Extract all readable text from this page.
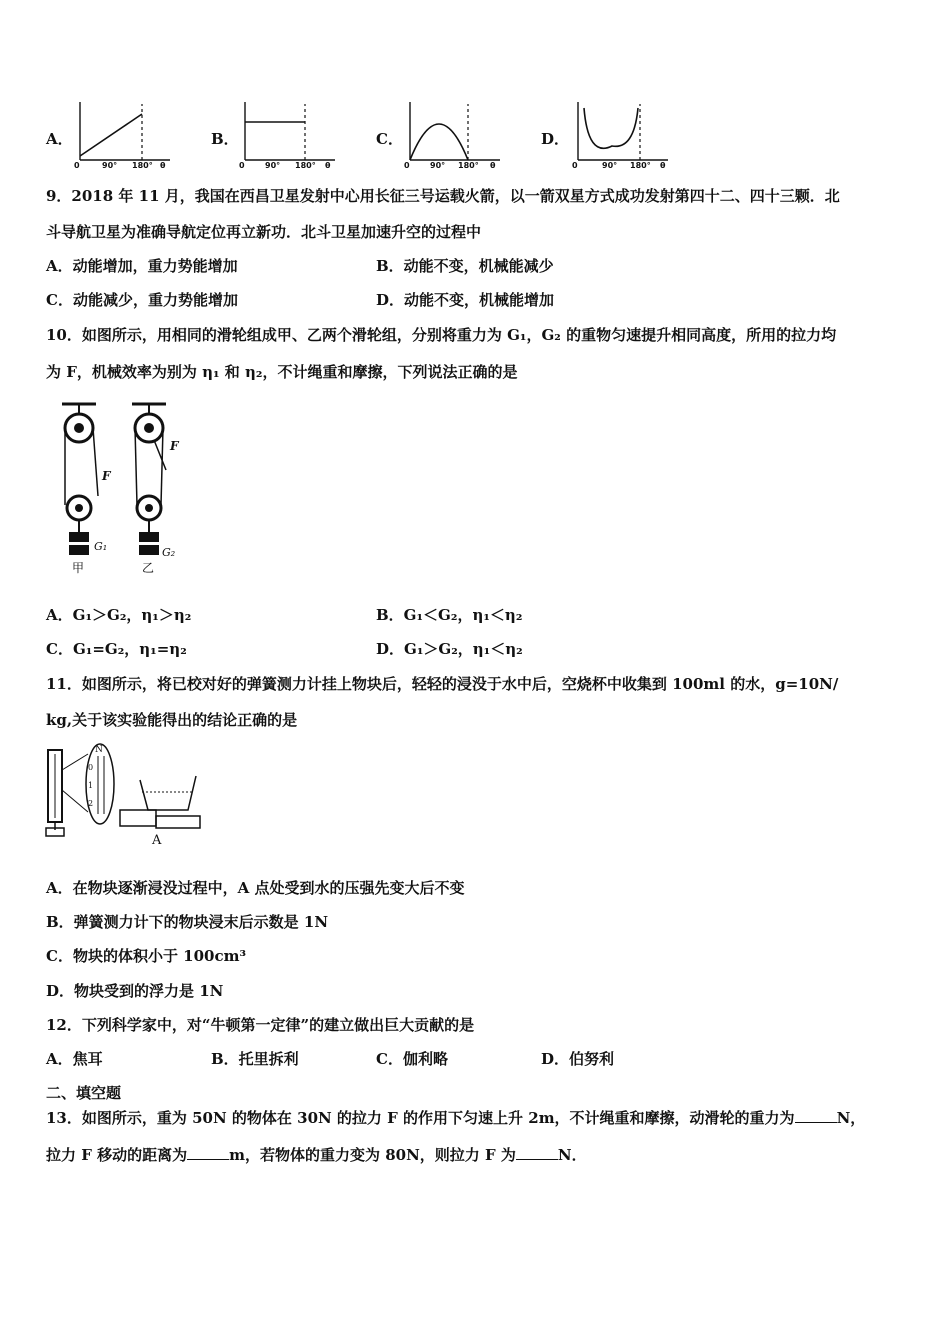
A．
0	90° 180° θ
B．
0	90° 180° θ
C．
0	90° 180° θ
D．
0	90° 180° θ
9．2018 年 11 月，我国在西昌卫星发射中心用长征三号运载火箭，以一箭双星方式成功发射第四十二、四十三颗．北
斗导航卫星为准确导航定位再立新功．北斗卫星加速升空的过程中
A．动能增加，重力势能增加	B．动能不变，机械能减少
C．动能减少，重力势能增加	D．动能不变，机械能增加
10．如图所示，用相同的滑轮组成甲、乙两个滑轮组，分别将重力为 G₁，G₂ 的重物匀速提升相同高度，所用的拉力均
为 F，机械效率为别为 η₁ 和 η₂，不计绳重和摩擦，下列说法正确的是
F
G₁
甲
F
G₂
乙
A．G₁＞G₂，η₁＞η₂	B．G₁＜G₂，η₁＜η₂
C．G₁=G₂，η₁=η₂	D．G₁＞G₂，η₁＜η₂
11．如图所示，将已校对好的弹簧测力计挂上物块后，轻轻的浸没于水中后，空烧杯中收集到 100ml 的水，g=10N/
kg,关于该实验能得出的结论正确的是
N
0
1
2
A
A．在物块逐渐浸没过程中，A 点处受到水的压强先变大后不变
B．弹簧测力计下的物块浸末后示数是 1N
C．物块的体积小于 100cm³
D．物块受到的浮力是 1N
12．下列科学家中，对“牛顿第一定律”的建立做出巨大贡献的是
A．焦耳	B．托里拆利	C．伽利略	D．伯努利
二、填空题
13．如图所示，重为 50N 的物体在 30N 的拉力 F 的作用下匀速上升 2m，不计绳重和摩擦，动滑轮的重力为	N，
拉力 F 移动的距离为	m，若物体的重力变为 80N，则拉力 F 为	N．
